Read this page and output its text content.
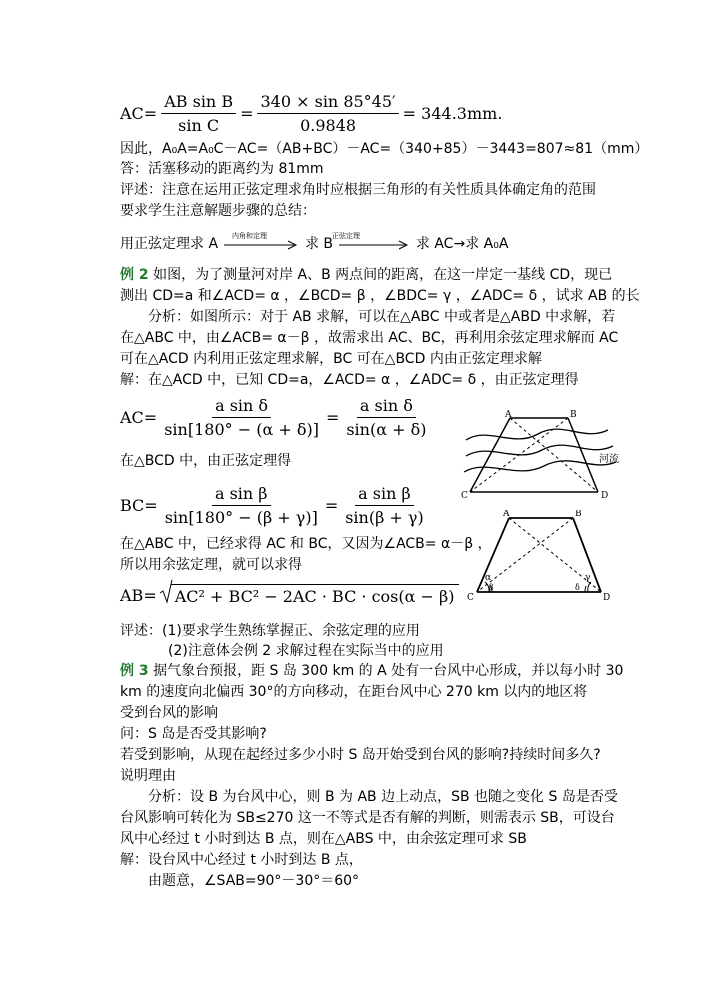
$AC= \frac{\text{AB sin B}}{\text{sin C}} = \frac{340 \times \sin 85^\circ 45'}{0.9848} = 344.3mm$.
因此，A₀A=A₀C－AC=（AB+BC）－AC=（340+85）－3443=807≈81（mm）
答：活塞移动的距离约为 81mm
评述：注意在运用正弦定理求角时应根据三角形的有关性质具体确定角的范围
要求学生注意解题步骤的总结：
用正弦定理求 A	求 B	求 AC→求 A₀A
内角和定理	正弦定理
例 2 如图，为了测量河对岸 A、B 两点间的距离，在这一岸定一基线 CD，现已
测出 CD=a 和∠ACD= α ，∠BCD= β ，∠BDC= γ ，∠ADC= δ ，试求 AB 的长
分析：如图所示：对于 AB 求解，可以在△ABC 中或者是△ABD 中求解，若
在△ABC 中，由∠ACB= α－β ，故需求出 AC、BC，再利用余弦定理求解而 AC
可在△ACD 内利用正弦定理求解，BC 可在△BCD 内由正弦定理求解
解：在△ACD 中，已知 CD=a，∠ACD= α ，∠ADC= δ ，由正弦定理得
$AC= \frac{\text{a sin δ}}{\sin[180^\circ - (\alpha + \delta)]} = \frac{\text{a sin δ}}{\sin(\alpha + \delta)}$
在△BCD 中，由正弦定理得
$BC= \frac{\text{a sin β}}{\sin[180^\circ - (\beta + \gamma)]} = \frac{\text{a sin β}}{\sin(\beta + \gamma)}$
在△ABC 中，已经求得 AC 和 BC，又因为∠ACB= α－β ，
所以用余弦定理，就可以求得
AB=	AC² + BC² − 2AC · BC · cos(α − β)
评述：(1)要求学生熟练掌握正、余弦定理的应用
(2)注意体会例 2 求解过程在实际当中的应用
例 3 据气象台预报，距 S 岛 300 km 的 A 处有一台风中心形成，并以每小时 30
km 的速度向北偏西 30°的方向移动，在距台风中心 270 km 以内的地区将
受到台风的影响
问：S 岛是否受其影响?
若受到影响，从现在起经过多少小时 S 岛开始受到台风的影响?持续时间多久?
说明理由
分析：设 B 为台风中心，则 B 为 AB 边上动点，SB 也随之变化 S 岛是否受
台风影响可转化为 SB≤270 这一不等式是否有解的判断，则需表示 SB，可设台
风中心经过 t 小时到达 B 点，则在△ABS 中，由余弦定理可求 SB
解：设台风中心经过 t 小时到达 B 点，
由题意，∠SAB=90°－30°＝60°
A	B
C	D
河流
A	B
C	D
α
β
γ
δ
